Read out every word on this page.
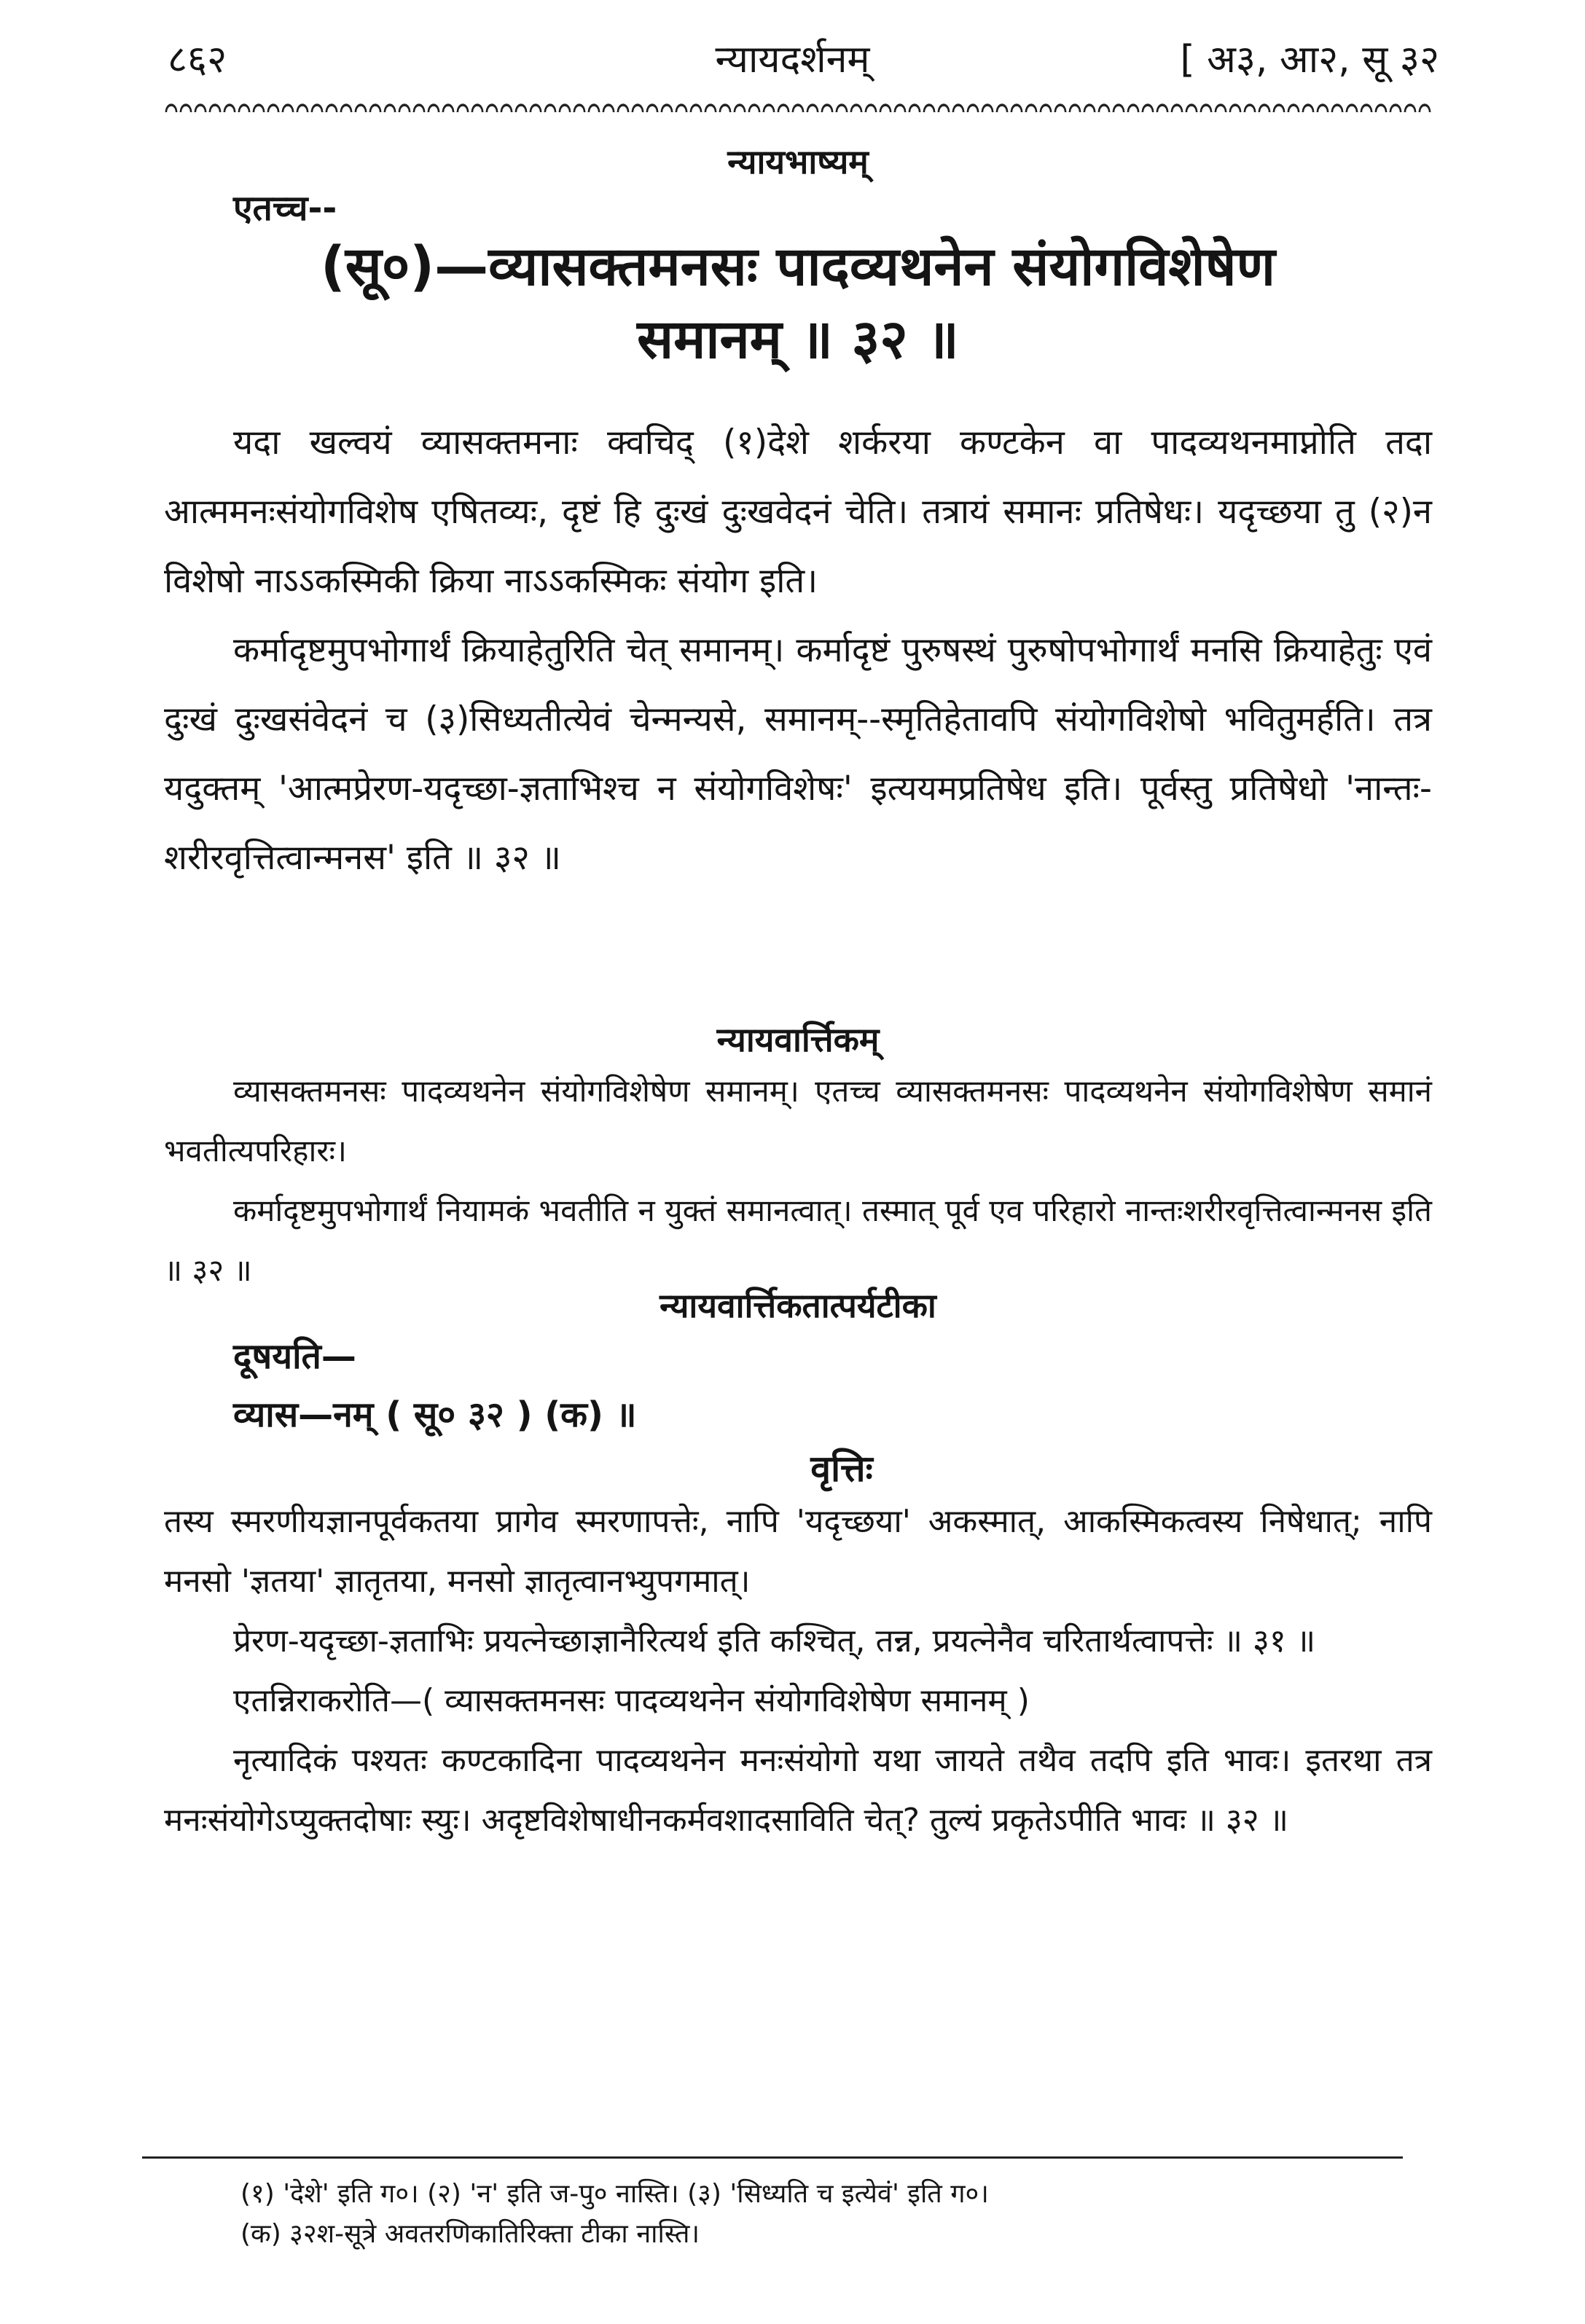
८६२	न्यायदर्शनम्	[ अ३, आ२, सू ३२
न्यायभाष्यम्
एतच्च--
(सू०)—व्यासक्तमनसः पादव्यथनेन संयोगविशेषेण
समानम् ॥ ३२ ॥

यदा खल्वयं व्यासक्तमनाः क्वचिद् (१)देशे शर्करया कण्टकेन वा पादव्यथनमाप्नोति तदा आत्ममनःसंयोगविशेष एषितव्यः, दृष्टं हि दुःखं दुःखवेदनं चेति। तत्रायं समानः प्रतिषेधः। यदृच्छया तु (२)न विशेषो नाऽऽकस्मिकी क्रिया नाऽऽकस्मिकः संयोग इति।

कर्मादृष्टमुपभोगार्थं क्रियाहेतुरिति चेत् समानम्। कर्मादृष्टं पुरुषस्थं पुरुषोपभोगार्थं मनसि क्रियाहेतुः एवं दुःखं दुःखसंवेदनं च (३)सिध्यतीत्येवं चेन्मन्यसे, समानम्--स्मृतिहेतावपि संयोगविशेषो भवितुमर्हति। तत्र यदुक्तम् 'आत्मप्रेरण-यदृच्छा-ज्ञताभिश्च न संयोगविशेषः' इत्ययमप्रतिषेध इति। पूर्वस्तु प्रतिषेधो 'नान्तः-शरीरवृत्तित्वान्मनस' इति ॥ ३२ ॥

न्यायवार्त्तिकम्

व्यासक्तमनसः पादव्यथनेन संयोगविशेषेण समानम्। एतच्च व्यासक्तमनसः पादव्यथनेन संयोगविशेषेण समानं भवतीत्यपरिहारः।

कर्मादृष्टमुपभोगार्थं नियामकं भवतीति न युक्तं समानत्वात्। तस्मात् पूर्व एव परिहारो नान्तःशरीरवृत्तित्वान्मनस इति ॥ ३२ ॥

न्यायवार्त्तिकतात्पर्यटीका
दूषयति—
व्यास—नम् ( सू० ३२ ) (क) ॥
वृत्तिः

तस्य स्मरणीयज्ञानपूर्वकतया प्रागेव स्मरणापत्तेः, नापि 'यदृच्छया' अकस्मात्, आकस्मिकत्वस्य निषेधात्; नापि मनसो 'ज्ञतया' ज्ञातृतया, मनसो ज्ञातृत्वानभ्युपगमात्।

प्रेरण-यदृच्छा-ज्ञताभिः प्रयत्नेच्छाज्ञानैरित्यर्थ इति कश्चित्, तन्न, प्रयत्नेनैव चरितार्थत्वापत्तेः ॥ ३१ ॥

एतन्निराकरोति—( व्यासक्तमनसः पादव्यथनेन संयोगविशेषेण समानम् )

नृत्यादिकं पश्यतः कण्टकादिना पादव्यथनेन मनःसंयोगो यथा जायते तथैव तदपि इति भावः। इतरथा तत्र मनःसंयोगेऽप्युक्तदोषाः स्युः। अदृष्टविशेषाधीनकर्मवशादसाविति चेत्? तुल्यं प्रकृतेऽपीति भावः ॥ ३२ ॥

(१) 'देशे' इति ग०। (२) 'न' इति ज-पु० नास्ति। (३) 'सिध्यति च इत्येवं' इति ग०।
(क) ३२श-सूत्रे अवतरणिकातिरिक्ता टीका नास्ति।
